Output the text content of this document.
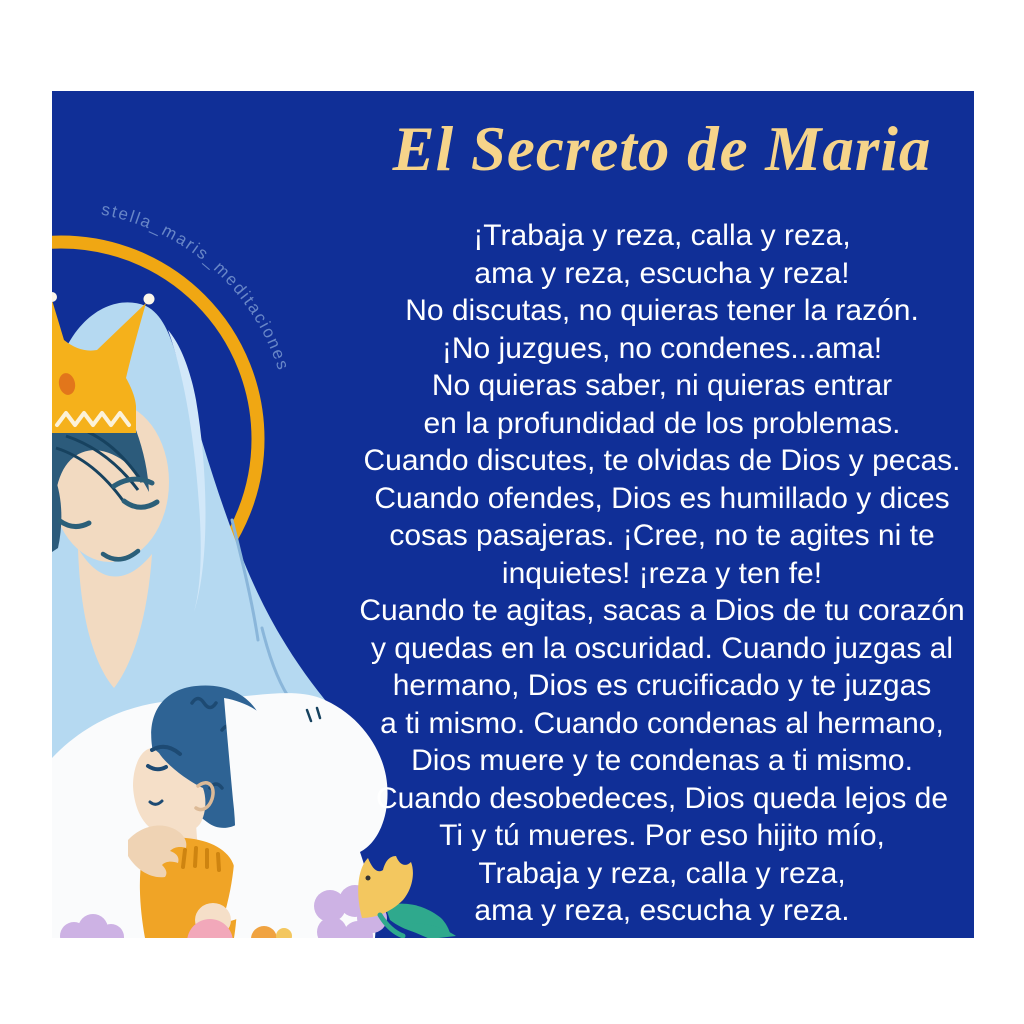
stella_maris_meditaciones
El Secreto de Maria
¡Trabaja y reza, calla y reza,
ama y reza, escucha y reza!
No discutas, no quieras tener la razón.
¡No juzgues, no condenes...ama!
No quieras saber, ni quieras entrar
en la profundidad de los problemas.
Cuando discutes, te olvidas de Dios y pecas.
Cuando ofendes, Dios es humillado y dices
cosas pasajeras. ¡Cree, no te agites ni te
inquietes! ¡reza y ten fe!
Cuando te agitas, sacas a Dios de tu corazón
y quedas en la oscuridad. Cuando juzgas al
hermano, Dios es crucificado y te juzgas
a ti mismo. Cuando condenas al hermano,
Dios muere y te condenas a ti mismo.
Cuando desobedeces, Dios queda lejos de
Ti y tú mueres. Por eso hijito mío,
Trabaja y reza, calla y reza,
ama y reza, escucha y reza.
